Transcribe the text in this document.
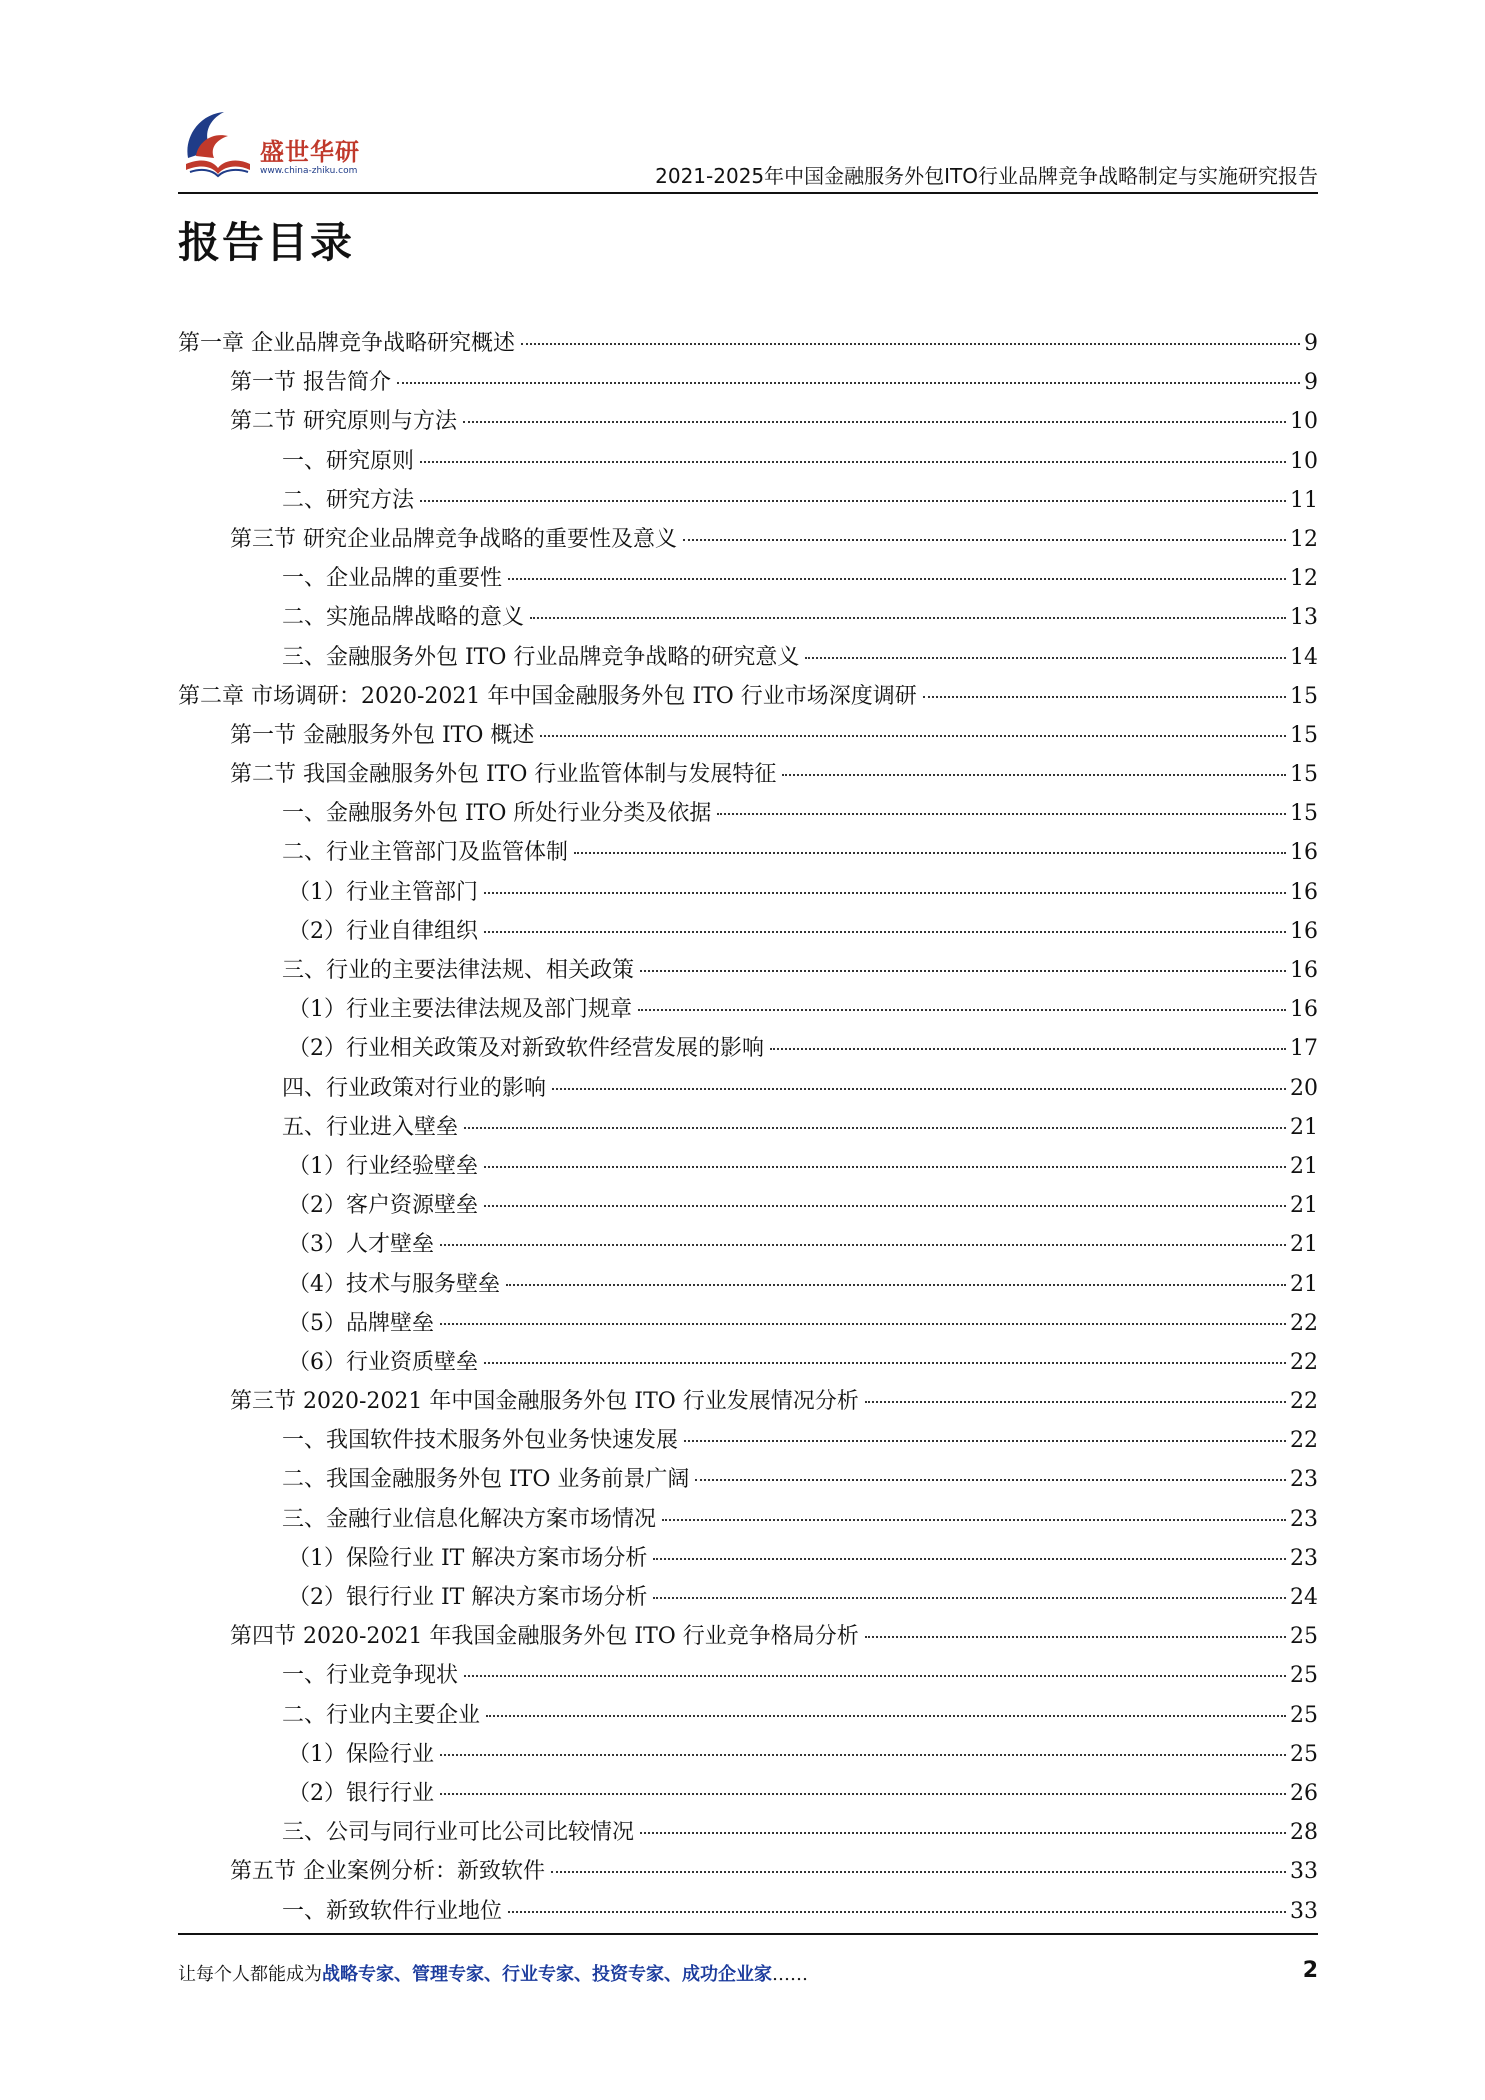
盛世华研
www.china-zhiku.com	2021-2025年中国金融服务外包ITO行业品牌竞争战略制定与实施研究报告
报告目录
第一章 企业品牌竞争战略研究概述	9
第一节 报告简介	9
第二节 研究原则与方法	10
一、研究原则	10
二、研究方法	11
第三节 研究企业品牌竞争战略的重要性及意义	12
一、企业品牌的重要性	12
二、实施品牌战略的意义	13
三、金融服务外包 ITO 行业品牌竞争战略的研究意义	14
第二章 市场调研：2020-2021 年中国金融服务外包 ITO 行业市场深度调研	15
第一节 金融服务外包 ITO 概述	15
第二节 我国金融服务外包 ITO 行业监管体制与发展特征	15
一、金融服务外包 ITO 所处行业分类及依据	15
二、行业主管部门及监管体制	16
（1）行业主管部门	16
（2）行业自律组织	16
三、行业的主要法律法规、相关政策	16
（1）行业主要法律法规及部门规章	16
（2）行业相关政策及对新致软件经营发展的影响	17
四、行业政策对行业的影响	20
五、行业进入壁垒	21
（1）行业经验壁垒	21
（2）客户资源壁垒	21
（3）人才壁垒	21
（4）技术与服务壁垒	21
（5）品牌壁垒	22
（6）行业资质壁垒	22
第三节 2020-2021 年中国金融服务外包 ITO 行业发展情况分析	22
一、我国软件技术服务外包业务快速发展	22
二、我国金融服务外包 ITO 业务前景广阔	23
三、金融行业信息化解决方案市场情况	23
（1）保险行业 IT 解决方案市场分析	23
（2）银行行业 IT 解决方案市场分析	24
第四节 2020-2021 年我国金融服务外包 ITO 行业竞争格局分析	25
一、行业竞争现状	25
二、行业内主要企业	25
（1）保险行业	25
（2）银行行业	26
三、公司与同行业可比公司比较情况	28
第五节 企业案例分析：新致软件	33
一、新致软件行业地位	33
让每个人都能成为战略专家、管理专家、行业专家、投资专家、成功企业家……	2
